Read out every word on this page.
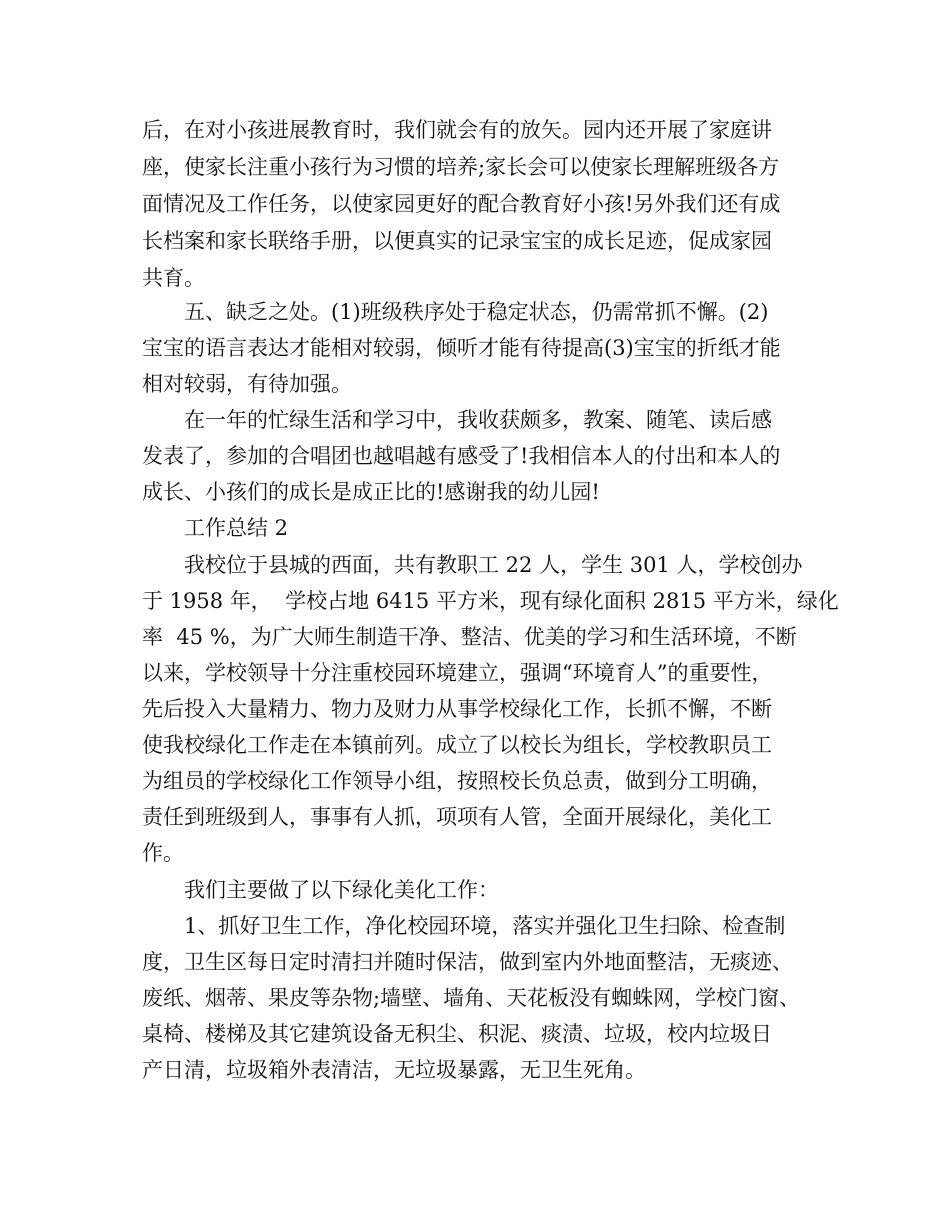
后，在对小孩进展教育时，我们就会有的放矢。园内还开展了家庭讲

座，使家长注重小孩行为习惯的培养;家长会可以使家长理解班级各方

面情况及工作任务，以使家园更好的配合教育好小孩!另外我们还有成

长档案和家长联络手册，以便真实的记录宝宝的成长足迹，促成家园

共育。

五、缺乏之处。(1)班级秩序处于稳定状态，仍需常抓不懈。(2)

宝宝的语言表达才能相对较弱，倾听才能有待提高(3)宝宝的折纸才能

相对较弱，有待加强。

在一年的忙绿生活和学习中，我收获颇多，教案、随笔、读后感

发表了，参加的合唱团也越唱越有感受了!我相信本人的付出和本人的

成长、小孩们的成长是成正比的!感谢我的幼儿园!

工作总结 2

我校位于县城的西面，共有教职工 22 人，学生 301 人，学校创办

于 1958 年，  学校占地 6415 平方米，现有绿化面积 2815 平方米，绿化

率  45 %，为广大师生制造干净、整洁、优美的学习和生活环境，不断

以来，学校领导十分注重校园环境建立，强调“环境育人”的重要性，

先后投入大量精力、物力及财力从事学校绿化工作，长抓不懈，不断

使我校绿化工作走在本镇前列。成立了以校长为组长，学校教职员工

为组员的学校绿化工作领导小组，按照校长负总责，做到分工明确，

责任到班级到人，事事有人抓，项项有人管，全面开展绿化，美化工

作。

我们主要做了以下绿化美化工作：

1、抓好卫生工作，净化校园环境，落实并强化卫生扫除、检查制

度，卫生区每日定时清扫并随时保洁，做到室内外地面整洁，无痰迹、

废纸、烟蒂、果皮等杂物;墙壁、墙角、天花板没有蜘蛛网，学校门窗、

桌椅、楼梯及其它建筑设备无积尘、积泥、痰渍、垃圾，校内垃圾日

产日清，垃圾箱外表清洁，无垃圾暴露，无卫生死角。
